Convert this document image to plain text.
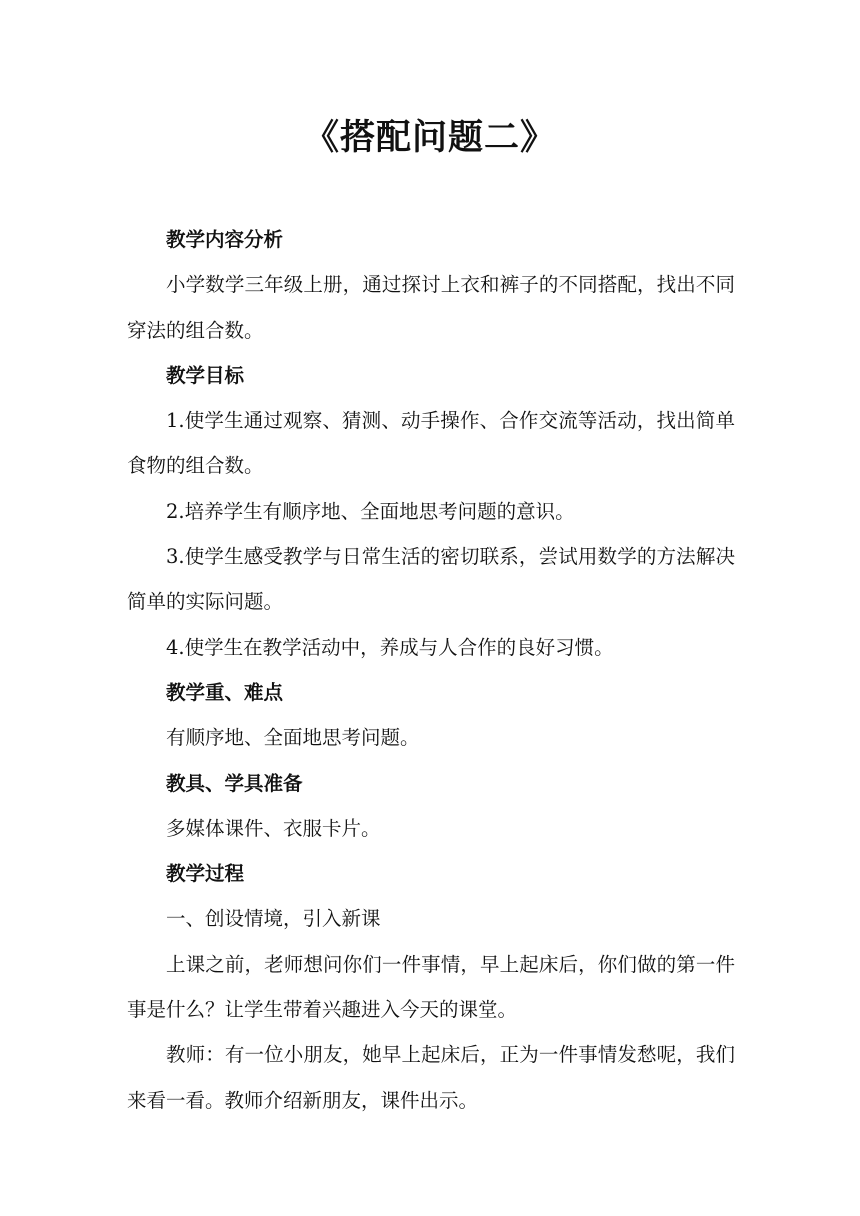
《搭配问题二》

教学内容分析

小学数学三年级上册，通过探讨上衣和裤子的不同搭配，找出不同穿法的组合数。

教学目标

1.使学生通过观察、猜测、动手操作、合作交流等活动，找出简单食物的组合数。

2.培养学生有顺序地、全面地思考问题的意识。

3.使学生感受教学与日常生活的密切联系，尝试用数学的方法解决简单的实际问题。

4.使学生在教学活动中，养成与人合作的良好习惯。

教学重、难点

有顺序地、全面地思考问题。

教具、学具准备

多媒体课件、衣服卡片。

教学过程

一、创设情境，引入新课

上课之前，老师想问你们一件事情，早上起床后，你们做的第一件事是什么？让学生带着兴趣进入今天的课堂。

教师：有一位小朋友，她早上起床后，正为一件事情发愁呢，我们来看一看。教师介绍新朋友，课件出示。
